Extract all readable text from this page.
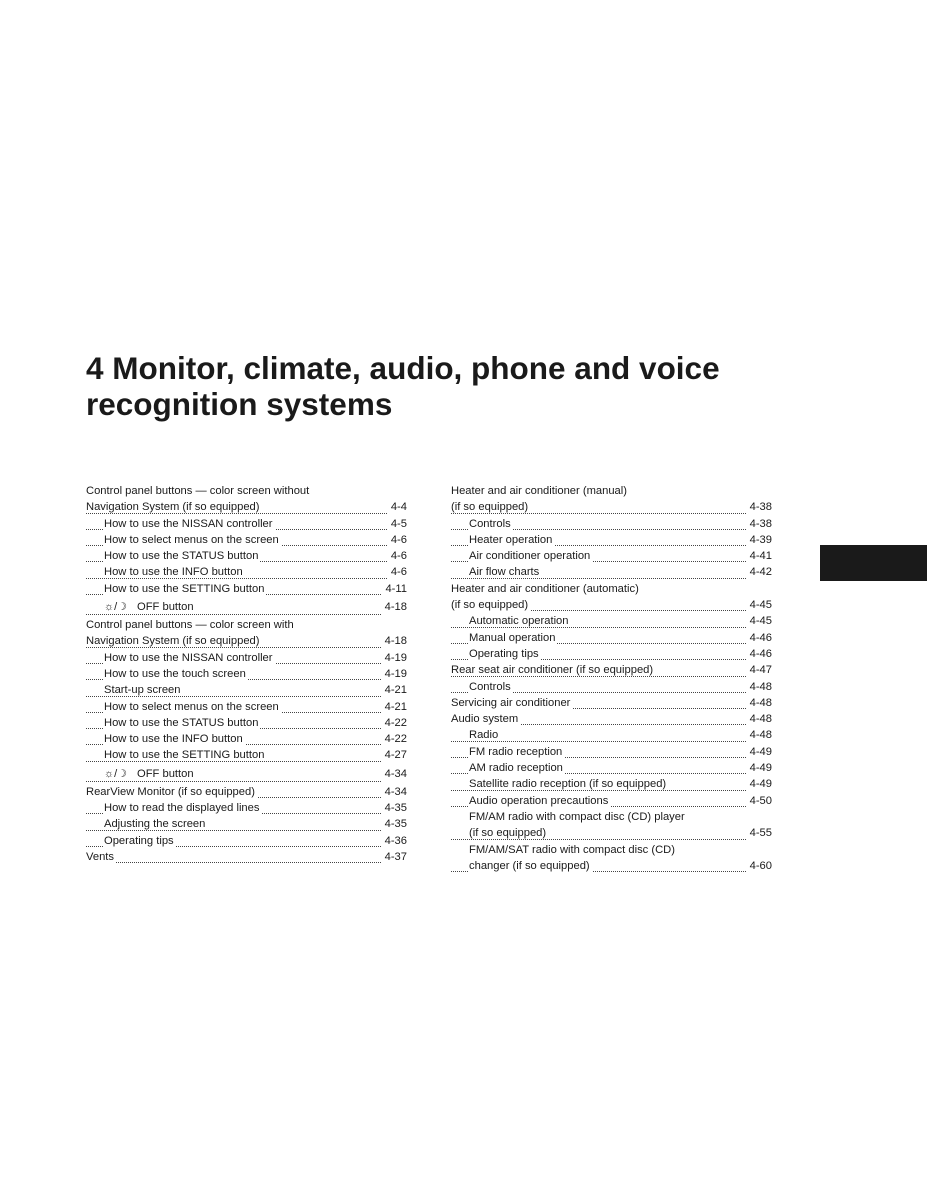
4 Monitor, climate, audio, phone and voice
recognition systems
Control panel buttons — color screen without
Navigation System (if so equipped)	4-4
How to use the NISSAN controller	4-5
How to select menus on the screen	4-6
How to use the STATUS button	4-6
How to use the INFO button	4-6
How to use the SETTING button	4-11
☼/☽ OFF button	4-18
Control panel buttons — color screen with
Navigation System (if so equipped)	4-18
How to use the NISSAN controller	4-19
How to use the touch screen	4-19
Start-up screen	4-21
How to select menus on the screen	4-21
How to use the STATUS button	4-22
How to use the INFO button	4-22
How to use the SETTING button	4-27
☼/☽ OFF button	4-34
RearView Monitor (if so equipped)	4-34
How to read the displayed lines	4-35
Adjusting the screen	4-35
Operating tips	4-36
Vents	4-37
Heater and air conditioner (manual)
(if so equipped)	4-38
Controls	4-38
Heater operation	4-39
Air conditioner operation	4-41
Air flow charts	4-42
Heater and air conditioner (automatic)
(if so equipped)	4-45
Automatic operation	4-45
Manual operation	4-46
Operating tips	4-46
Rear seat air conditioner (if so equipped)	4-47
Controls	4-48
Servicing air conditioner	4-48
Audio system	4-48
Radio	4-48
FM radio reception	4-49
AM radio reception	4-49
Satellite radio reception (if so equipped)	4-49
Audio operation precautions	4-50
FM/AM radio with compact disc (CD) player
(if so equipped)	4-55
FM/AM/SAT radio with compact disc (CD)
changer (if so equipped)	4-60
